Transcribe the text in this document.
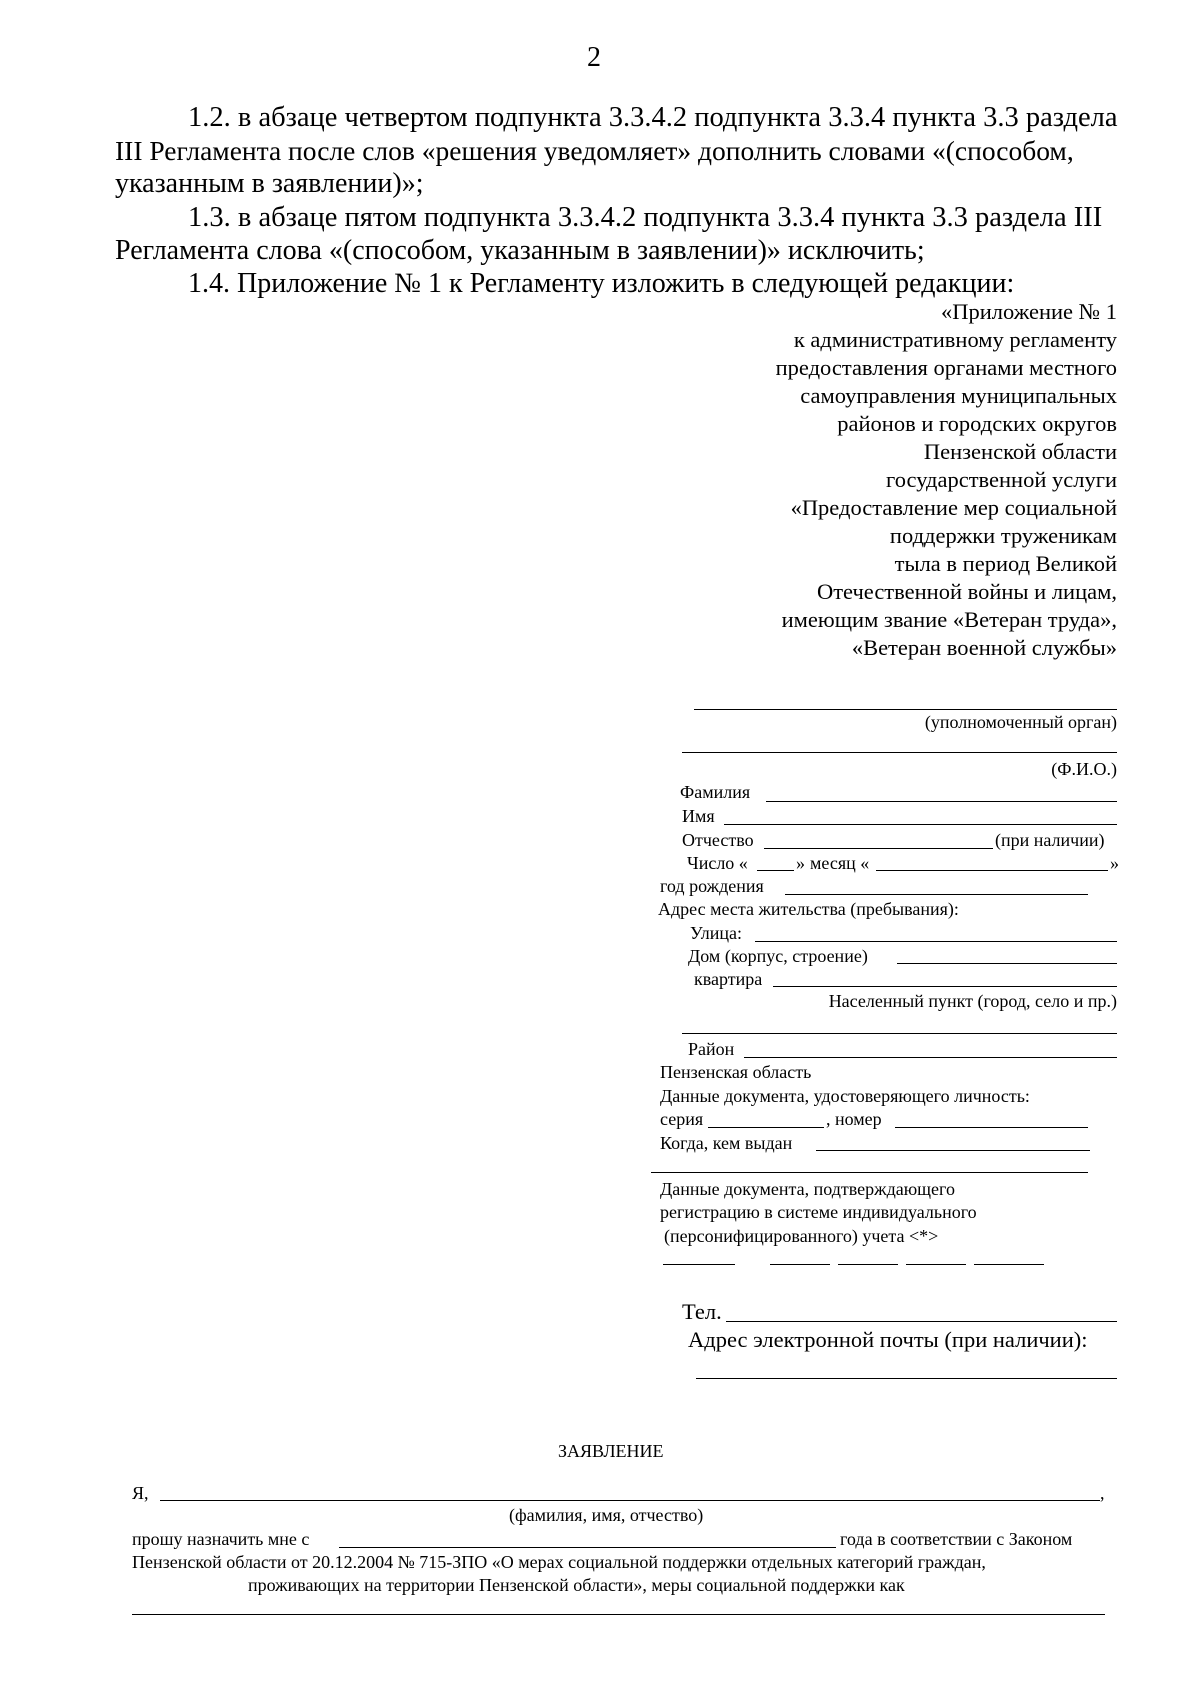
2
1.2. в абзаце четвертом подпункта 3.3.4.2 подпункта 3.3.4 пункта 3.3 раздела
III Регламента после слов «решения уведомляет» дополнить словами «(способом,
указанным в заявлении)»;
1.3. в абзаце пятом подпункта 3.3.4.2 подпункта 3.3.4 пункта 3.3 раздела III
Регламента слова «(способом, указанным в заявлении)» исключить;
1.4. Приложение № 1 к Регламенту изложить в следующей редакции:
«Приложение № 1
к административному регламенту
предоставления органами местного
самоуправления муниципальных
районов и городских округов
Пензенской области
государственной услуги
«Предоставление мер социальной
поддержки труженикам
тыла в период Великой
Отечественной войны и лицам,
имеющим звание «Ветеран труда»,
«Ветеран военной службы»
(уполномоченный орган)
(Ф.И.О.)
Фамилия
Имя
Отчество	(при наличии)
Число «	» месяц «	»
год рождения
Адрес места жительства (пребывания):
Улица:
Дом (корпус, строение)
квартира
Населенный пункт (город, село и пр.)
Район
Пензенская область
Данные документа, удостоверяющего личность:
серия	, номер
Когда, кем выдан
Данные документа, подтверждающего
регистрацию в системе индивидуального
(персонифицированного) учета <*>
Тел.
Адрес электронной почты (при наличии):
ЗАЯВЛЕНИЕ
Я,	,
(фамилия, имя, отчество)
прошу назначить мне с	года в соответствии с Законом
Пензенской области от 20.12.2004 № 715-ЗПО «О мерах социальной поддержки отдельных категорий граждан,
проживающих на территории Пензенской области», меры социальной поддержки как
